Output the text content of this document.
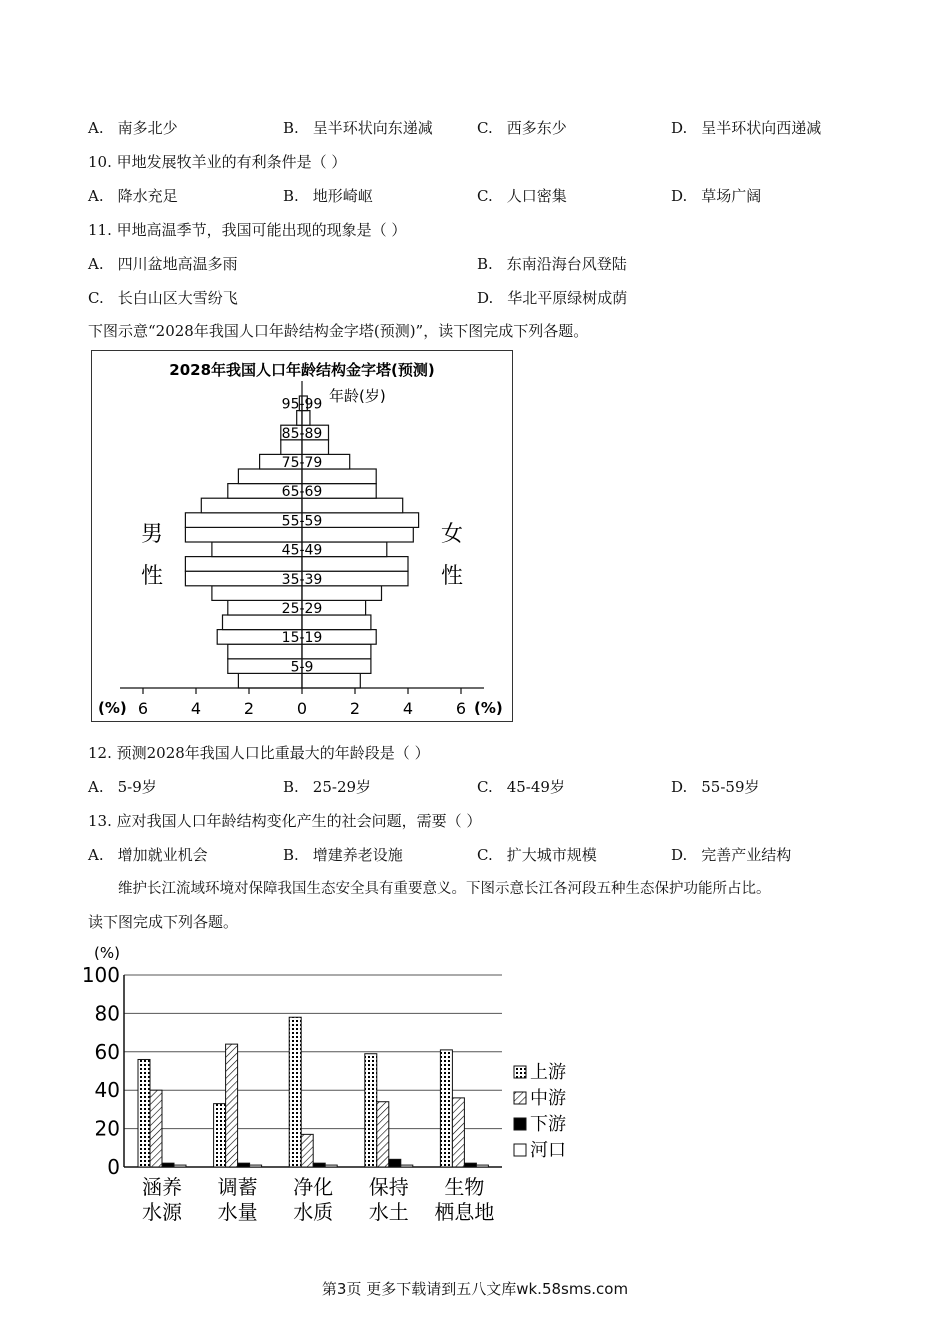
A. 南多北少	B. 呈半环状向东递减	C. 西多东少	D. 呈半环状向西递减
10. 甲地发展牧羊业的有利条件是（ ）
A. 降水充足	B. 地形崎岖	C. 人口密集	D. 草场广阔
11. 甲地高温季节，我国可能出现的现象是（ ）
A. 四川盆地高温多雨	B. 东南沿海台风登陆
C. 长白山区大雪纷飞	D. 华北平原绿树成荫
下图示意“2028年我国人口年龄结构金字塔(预测)”，读下图完成下列各题。
2028年我国人口年龄结构金字塔(预测)
年龄(岁)
男
性
女
性
95-99
85-89
75-79
65-69
55-59
45-49
35-39
25-29
15-19
5-9
6	4	2	0	2	4	6
(%)	(%)
12. 预测2028年我国人口比重最大的年龄段是（ ）
A. 5-9岁	B. 25-29岁	C. 45-49岁	D. 55-59岁
13. 应对我国人口年龄结构变化产生的社会问题，需要（ ）
A. 增加就业机会	B. 增建养老设施	C. 扩大城市规模	D. 完善产业结构
维护长江流域环境对保障我国生态安全具有重要意义。下图示意长江各河段五种生态保护功能所占比。
读下图完成下列各题。
(%)
0
20
40
60
80
100
涵养
水源
调蓄
水量
净化
水质
保持
水土
生物
栖息地
上游
中游
下游
河口
第3页 更多下载请到五八文库wk.58sms.com
